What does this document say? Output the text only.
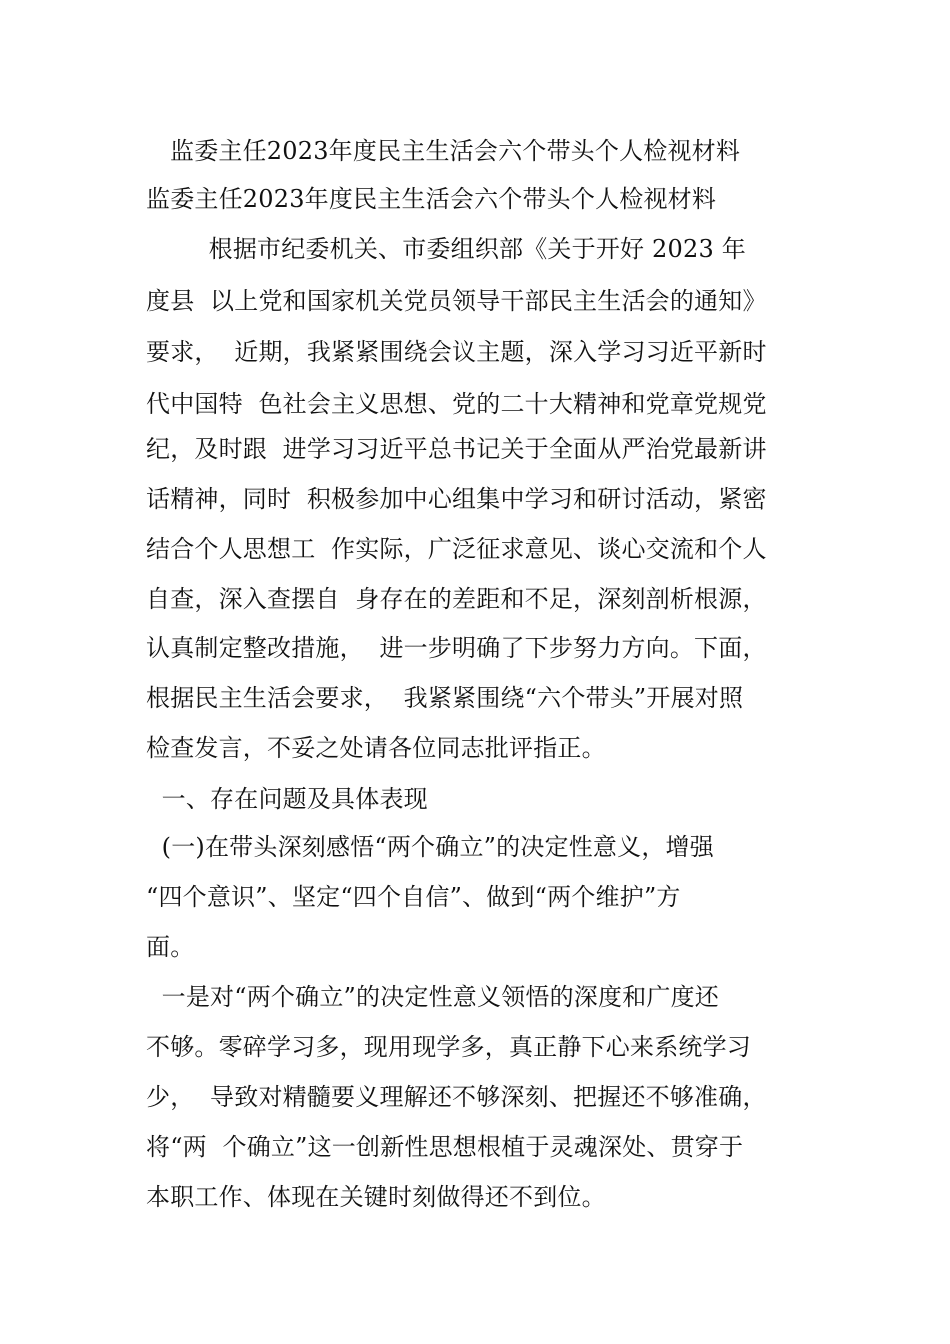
监委主任2023年度民主生活会六个带头个人检视材料
监委主任2023年度民主生活会六个带头个人检视材料
根据市纪委机关、市委组织部《关于开好 2023 年
度县  以上党和国家机关党员领导干部民主生活会的通知》
要求，  近期，我紧紧围绕会议主题，深入学习习近平新时
代中国特  色社会主义思想、党的二十大精神和党章党规党
纪，及时跟  进学习习近平总书记关于全面从严治党最新讲
话精神，同时  积极参加中心组集中学习和研讨活动，紧密
结合个人思想工  作实际，广泛征求意见、谈心交流和个人
自查，深入查摆自  身存在的差距和不足，深刻剖析根源，
认真制定整改措施，  进一步明确了下步努力方向。下面，
根据民主生活会要求，  我紧紧围绕“六个带头”开展对照
检查发言，不妥之处请各位同志批评指正。
一、存在问题及具体表现
(一)在带头深刻感悟“两个确立”的决定性意义，增强
“四个意识”、坚定“四个自信”、做到“两个维护”方
面。
一是对“两个确立”的决定性意义领悟的深度和广度还
不够。零碎学习多，现用现学多，真正静下心来系统学习
少，  导致对精髓要义理解还不够深刻、把握还不够准确，
将“两  个确立”这一创新性思想根植于灵魂深处、贯穿于
本职工作、体现在关键时刻做得还不到位。
